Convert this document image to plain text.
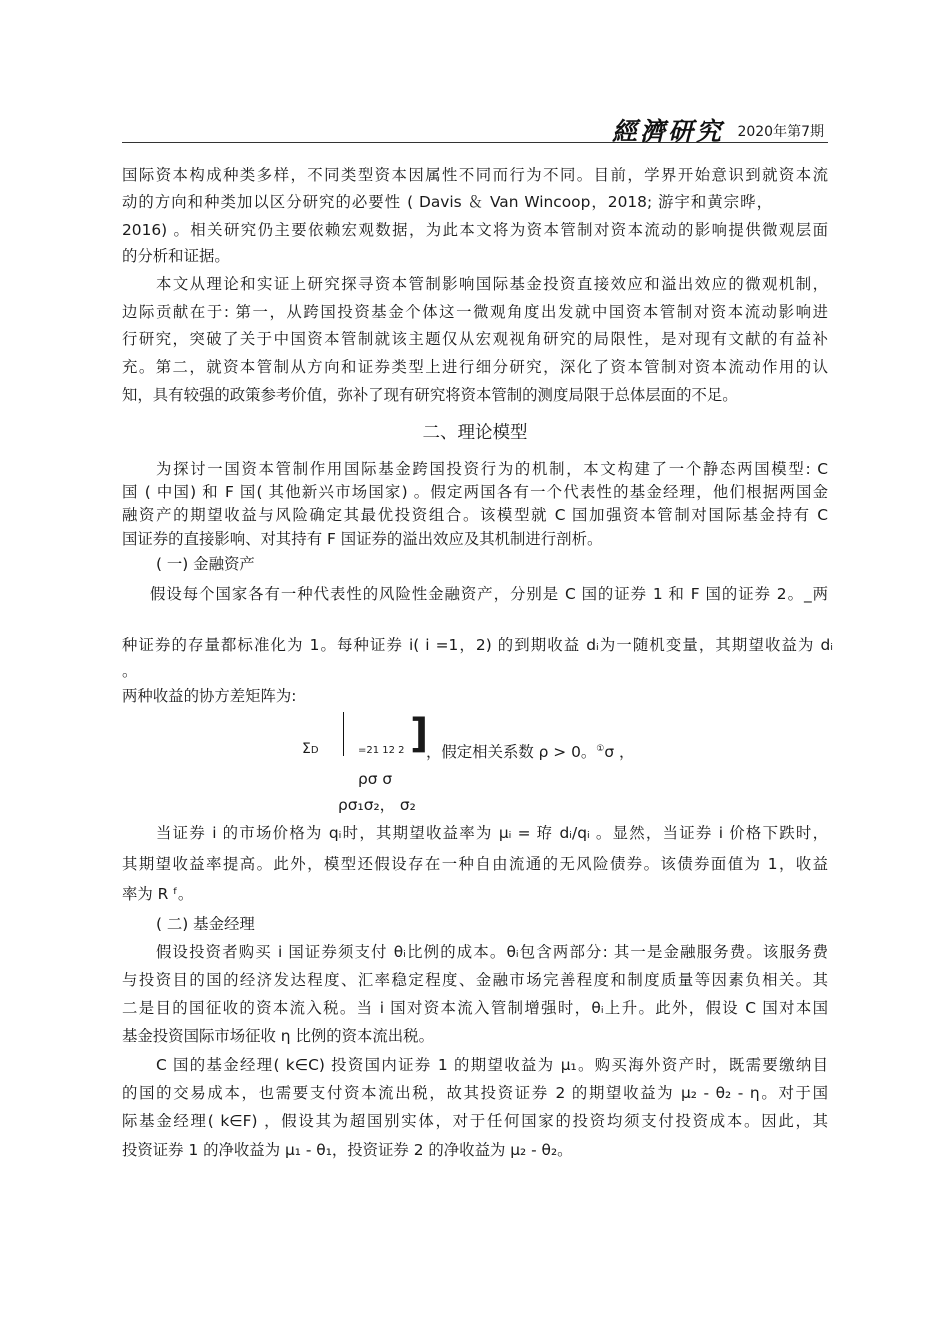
經濟研究 2020年第7期
国际资本构成种类多样，不同类型资本因属性不同而行为不同。目前，学界开始意识到就资本流
动的方向和种类加以区分研究的必要性 ( Davis ＆ Van Wincoop，2018; 游宇和黄宗晔，
2016) 。相关研究仍主要依赖宏观数据，为此本文将为资本管制对资本流动的影响提供微观层面
的分析和证据。
本文从理论和实证上研究探寻资本管制影响国际基金投资直接效应和溢出效应的微观机制，
边际贡献在于: 第一，从跨国投资基金个体这一微观角度出发就中国资本管制对资本流动影响进
行研究，突破了关于中国资本管制就该主题仅从宏观视角研究的局限性，是对现有文献的有益补
充。第二，就资本管制从方向和证券类型上进行细分研究，深化了资本管制对资本流动作用的认
知，具有较强的政策参考价值，弥补了现有研究将资本管制的测度局限于总体层面的不足。
二、理论模型
为探讨一国资本管制作用国际基金跨国投资行为的机制，本文构建了一个静态两国模型: C
国 ( 中国) 和 F 国( 其他新兴市场国家) 。假定两国各有一个代表性的基金经理，他们根据两国金
融资产的期望收益与风险确定其最优投资组合。该模型就 C 国加强资本管制对国际基金持有 C
国证券的直接影响、对其持有 F 国证券的溢出效应及其机制进行剖析。
( 一) 金融资产
假设每个国家各有一种代表性的风险性金融资产，分别是 C 国的证券 1 和 F 国的证券 2。_两
种证券的存量都标准化为 1。每种证券 i( i =1，2) 的到期收益 dᵢ为一随机变量，其期望收益为 dᵢ
。
两种收益的协方差矩阵为:
ΣD	=21 12 2 ]
，假定相关系数 ρ > 0。①σ ，
ρσ σ
ρσ₁σ₂， σ₂
当证券 i 的市场价格为 qᵢ时，其期望收益率为 μᵢ = 珔 dᵢ/qᵢ 。显然，当证券 i 价格下跌时，
其期望收益率提高。此外，模型还假设存在一种自由流通的无风险债券。该债券面值为 1，收益
率为 R ᶠ。
( 二) 基金经理
假设投资者购买 i 国证券须支付 θᵢ比例的成本。θᵢ包含两部分: 其一是金融服务费。该服务费
与投资目的国的经济发达程度、汇率稳定程度、金融市场完善程度和制度质量等因素负相关。其
二是目的国征收的资本流入税。当 i 国对资本流入管制增强时，θᵢ上升。此外，假设 C 国对本国
基金投资国际市场征收 η 比例的资本流出税。
C 国的基金经理( k∈C) 投资国内证券 1 的期望收益为 μ₁。购买海外资产时，既需要缴纳目
的国的交易成本，也需要支付资本流出税，故其投资证券 2 的期望收益为 μ₂ - θ₂ - η。对于国
际基金经理( k∈F) ，假设其为超国别实体，对于任何国家的投资均须支付投资成本。因此，其
投资证券 1 的净收益为 μ₁ - θ₁，投资证券 2 的净收益为 μ₂ - θ₂。
